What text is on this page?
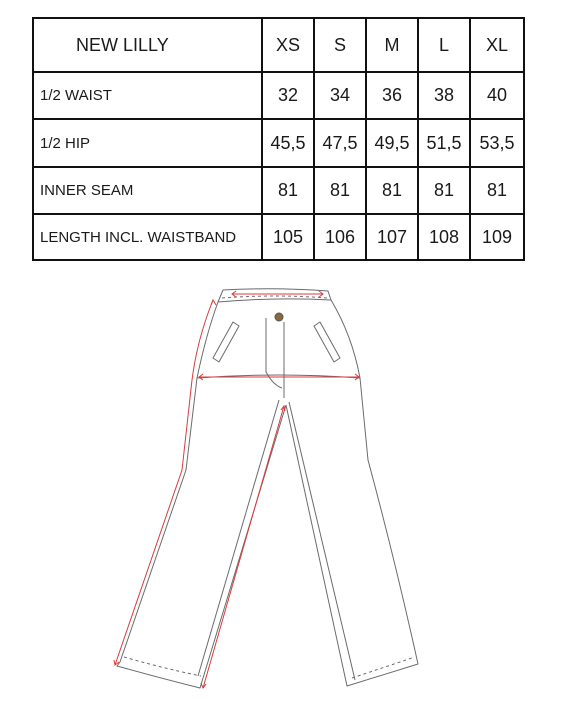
NEW LILLY	XS	S	M	L	XL
1/2 WAIST	32	34	36	38	40
1/2 HIP	45,5	47,5	49,5	51,5	53,5
INNER SEAM	81	81	81	81	81
LENGTH INCL. WAISTBAND	105	106	107	108	109
